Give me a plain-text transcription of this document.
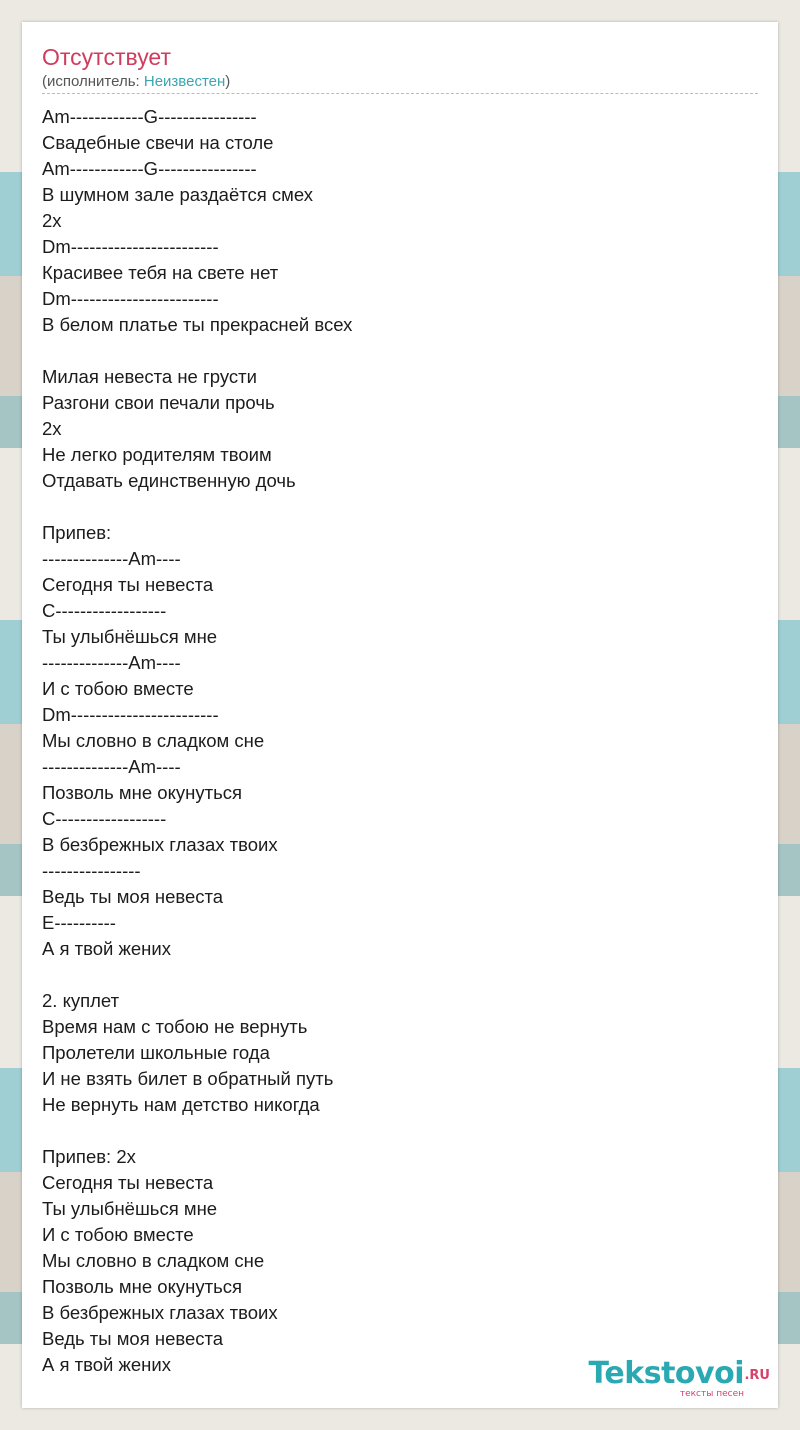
Отсутствует
(исполнитель: Неизвестен)
Am------------G----------------
Свадебные свечи на столе
Am------------G----------------
В шумном зале раздаётся смех
2x
Dm------------------------
Красивее тебя на свете нет
Dm------------------------
В белом платье ты прекрасней всех

Милая невеста не грусти
Разгони свои печали прочь
2x
Не легко родителям твоим
Отдавать единственную дочь

Припев:
--------------Am----
Сегодня ты невеста
C------------------
Ты улыбнёшься мне
--------------Am----
И с тобою вместе
Dm------------------------
Мы словно в сладком сне
--------------Am----
Позволь мне окунуться
C------------------
В безбрежных глазах твоих
----------------
Ведь ты моя невеста
E----------
А я твой жених

2. куплет
Время нам с тобою не вернуть
Пролетели школьные года
И не взять билет в обратный путь
Не вернуть нам детство никогда

Припев: 2x
Сегодня ты невеста
Ты улыбнёшься мне
И с тобою вместе
Мы словно в сладком сне
Позволь мне окунуться
В безбрежных глазах твоих
Ведь ты моя невеста
А я твой жених	Tekstovoi .RU
тексты песен
